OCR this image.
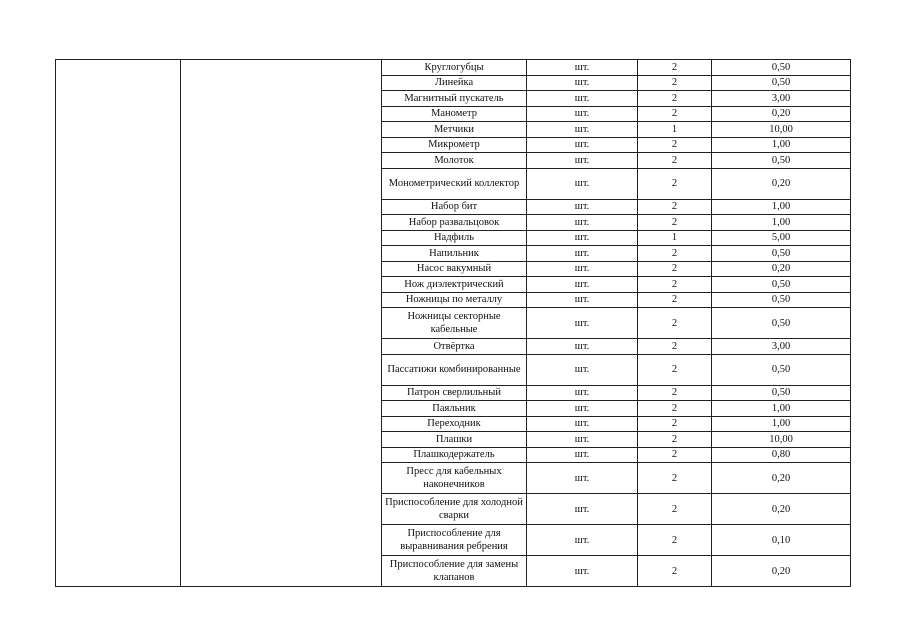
		Круглогубцы	шт.	2	0,50
		Линейка	шт.	2	0,50
		Магнитный пускатель	шт.	2	3,00
		Манометр	шт.	2	0,20
		Метчики	шт.	1	10,00
		Микрометр	шт.	2	1,00
		Молоток	шт.	2	0,50
		Монометрический коллектор	шт.	2	0,20
		Набор бит	шт.	2	1,00
		Набор развальцовок	шт.	2	1,00
		Надфиль	шт.	1	5,00
		Напильник	шт.	2	0,50
		Насос вакумный	шт.	2	0,20
		Нож диэлектрический	шт.	2	0,50
		Ножницы по металлу	шт.	2	0,50
		Ножницы секторные кабельные	шт.	2	0,50
		Отвёртка	шт.	2	3,00
		Пассатижи комбинированные	шт.	2	0,50
		Патрон сверлильный	шт.	2	0,50
		Паяльник	шт.	2	1,00
		Переходник	шт.	2	1,00
		Плашки	шт.	2	10,00
		Плашкодержатель	шт.	2	0,80
		Пресс для кабельных наконечников	шт.	2	0,20
		Приспособление для холодной сварки	шт.	2	0,20
		Приспособление для выравнивания ребрения	шт.	2	0,10
		Приспособление для замены клапанов	шт.	2	0,20
